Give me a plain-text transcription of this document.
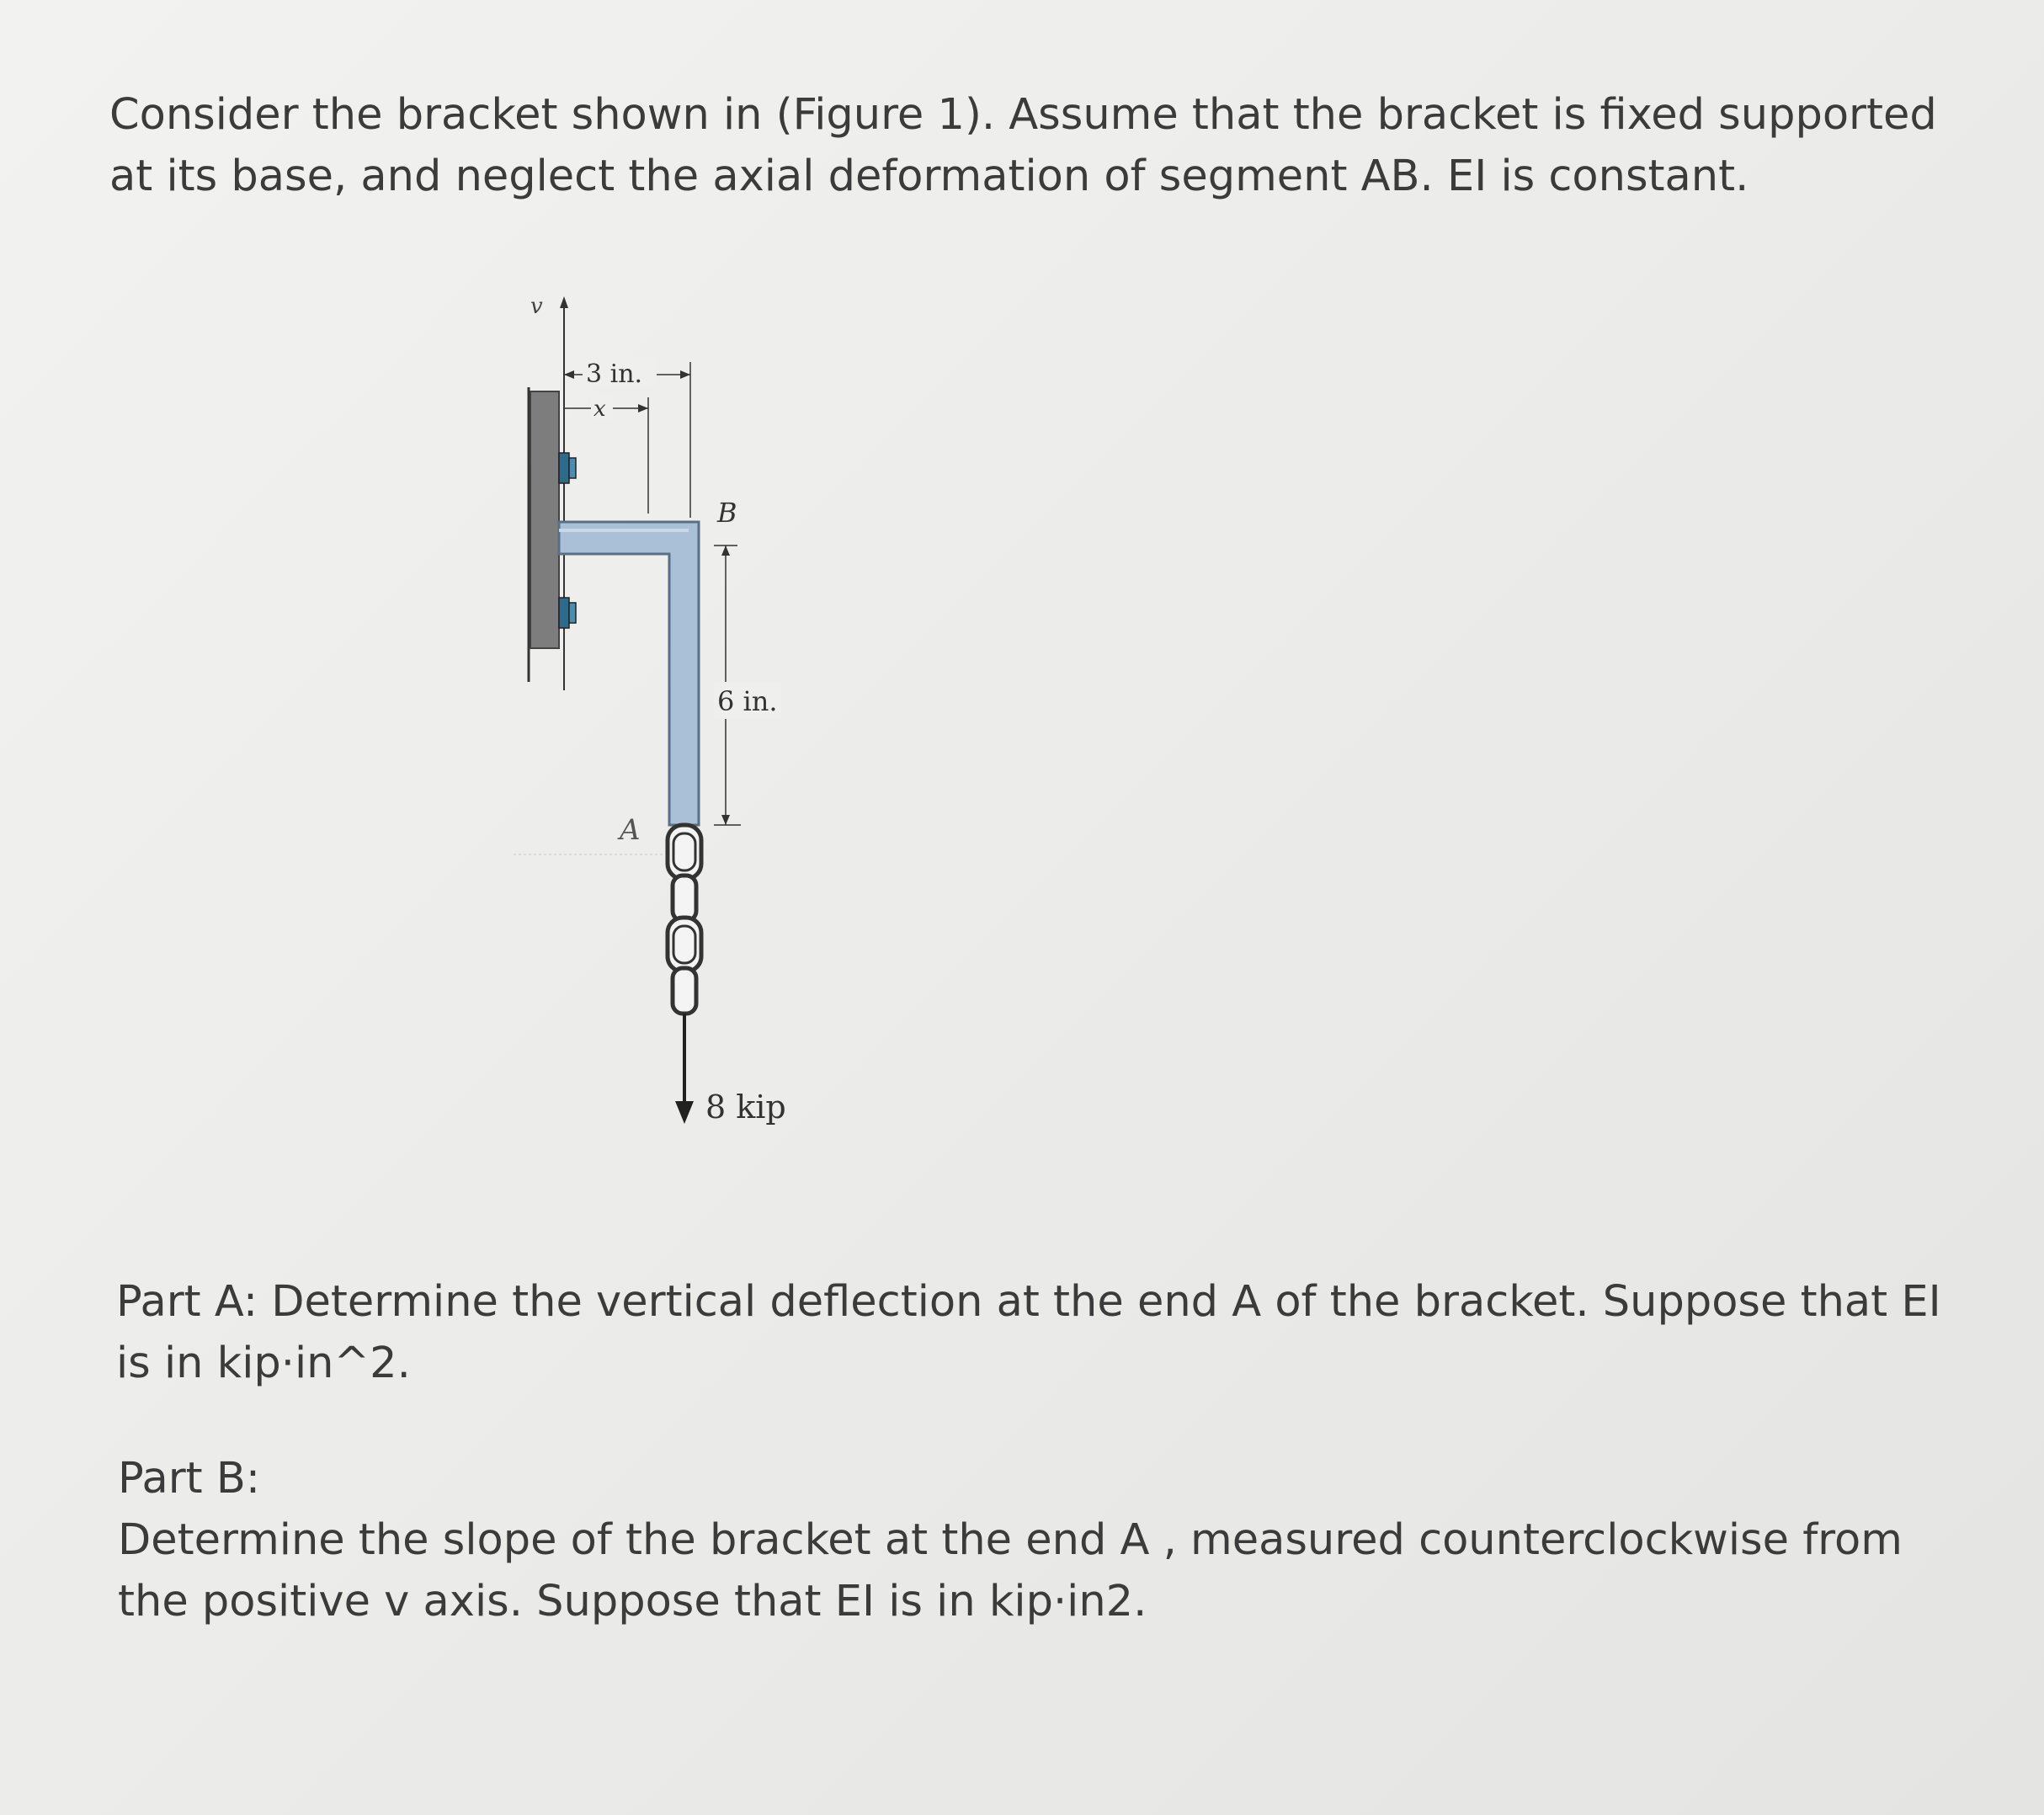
Consider the bracket shown in (Figure 1). Assume that the bracket is fixed supported at its base, and neglect the axial deformation of segment AB. EI is constant.

v
3 in.
x
B
6 in.
A
8 kip

Part A: Determine the vertical deflection at the end A of the bracket. Suppose that EI is in kip·in^2.

Part B:
Determine the slope of the bracket at the end A , measured counterclockwise from the positive v axis. Suppose that EI is in kip·in2.
